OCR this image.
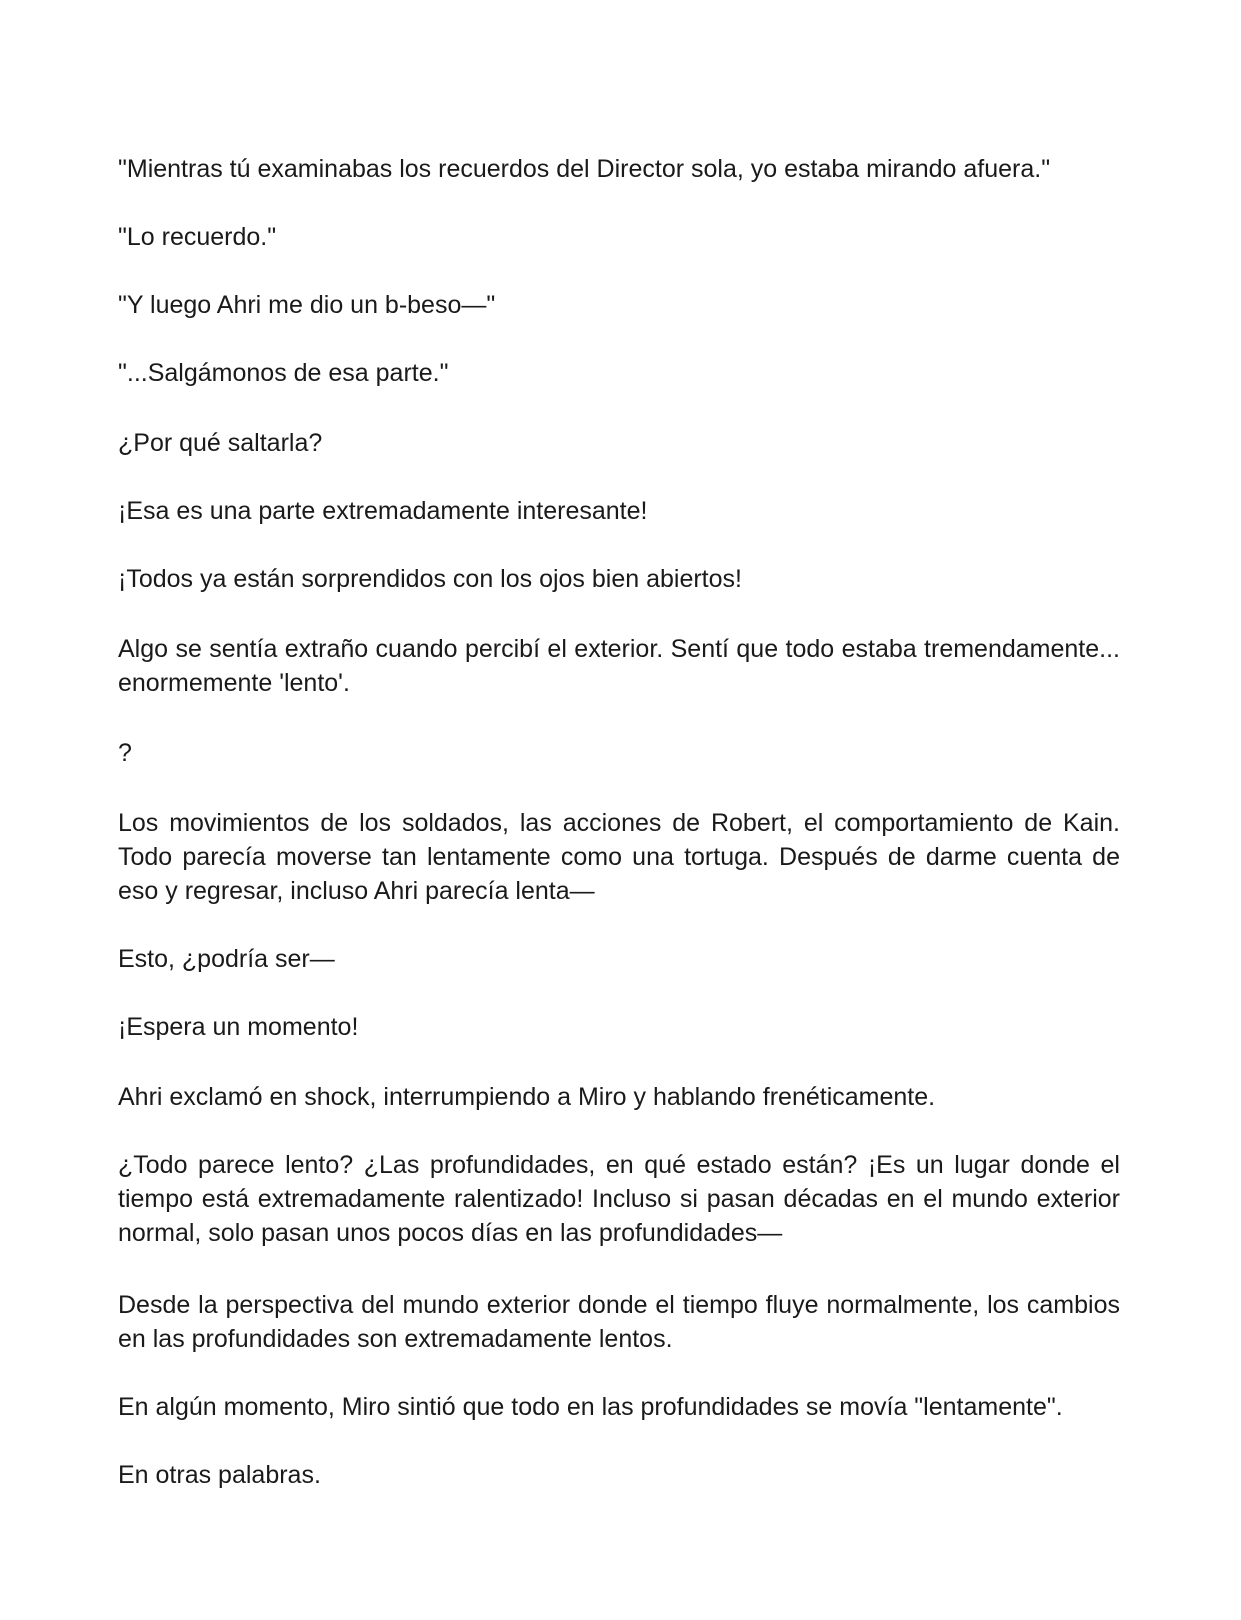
"Mientras tú examinabas los recuerdos del Director sola, yo estaba mirando afuera."

"Lo recuerdo."

"Y luego Ahri me dio un b-beso—"

"...Salgámonos de esa parte."

¿Por qué saltarla?

¡Esa es una parte extremadamente interesante!

¡Todos ya están sorprendidos con los ojos bien abiertos!

Algo se sentía extraño cuando percibí el exterior. Sentí que todo estaba tremendamente... enormemente 'lento'.

?

Los movimientos de los soldados, las acciones de Robert, el comportamiento de Kain. Todo parecía moverse tan lentamente como una tortuga. Después de darme cuenta de eso y regresar, incluso Ahri parecía lenta—

Esto, ¿podría ser—

¡Espera un momento!

Ahri exclamó en shock, interrumpiendo a Miro y hablando frenéticamente.

¿Todo parece lento? ¿Las profundidades, en qué estado están? ¡Es un lugar donde el tiempo está extremadamente ralentizado! Incluso si pasan décadas en el mundo exterior normal, solo pasan unos pocos días en las profundidades—

Desde la perspectiva del mundo exterior donde el tiempo fluye normalmente, los cambios en las profundidades son extremadamente lentos.

En algún momento, Miro sintió que todo en las profundidades se movía "lentamente".

En otras palabras.
